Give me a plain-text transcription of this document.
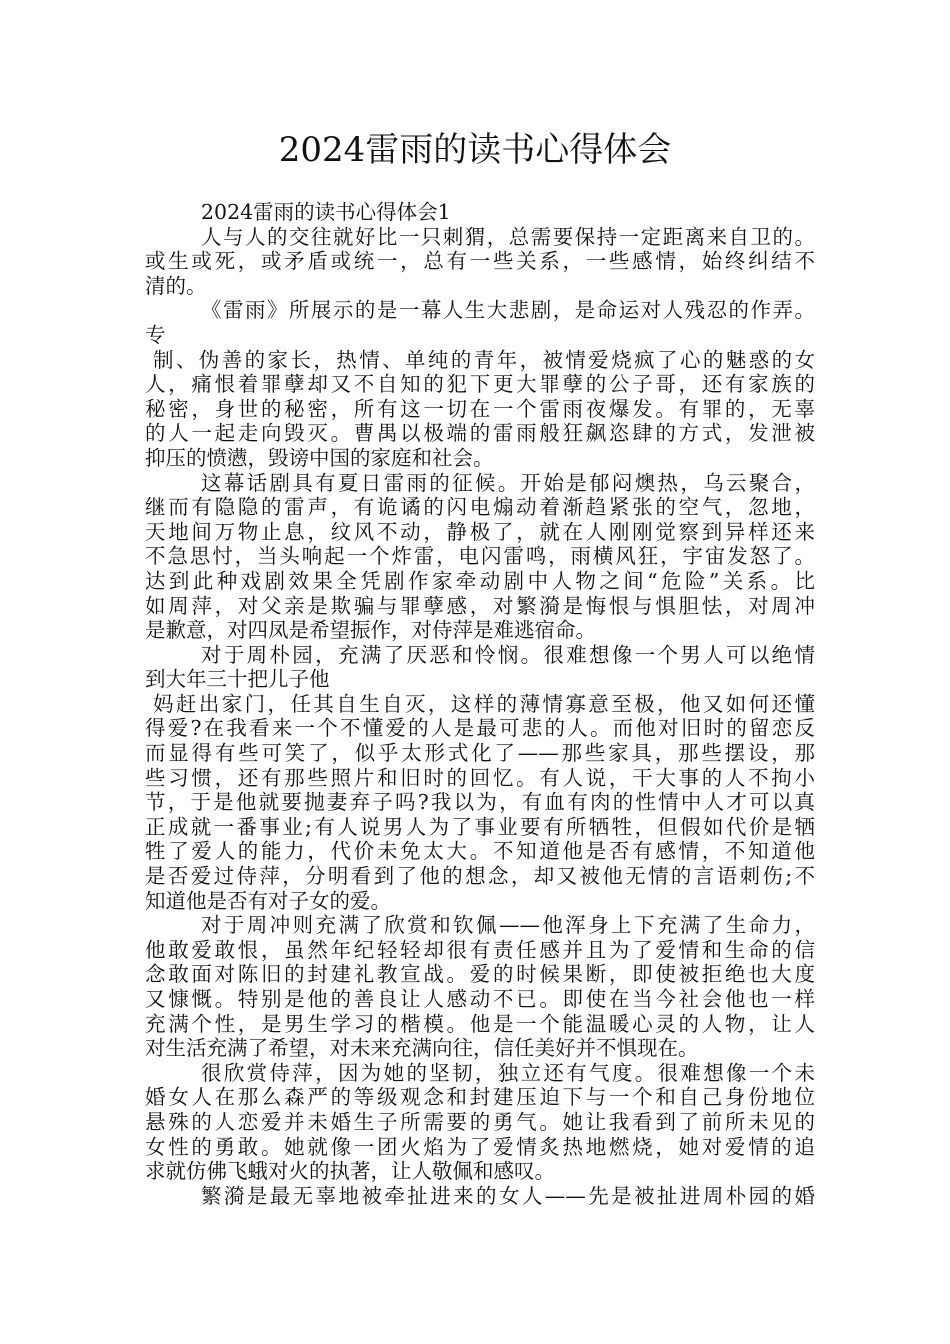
2024雷雨的读书心得体会
2024雷雨的读书心得体会1
人与人的交往就好比一只刺猬，总需要保持一定距离来自卫的。
或生或死，或矛盾或统一，总有一些关系，一些感情，始终纠结不
清的。
《雷雨》所展示的是一幕人生大悲剧，是命运对人残忍的作弄。
专
制、伪善的家长，热情、单纯的青年，被情爱烧疯了心的魅惑的女
人，痛恨着罪孽却又不自知的犯下更大罪孽的公子哥，还有家族的
秘密，身世的秘密，所有这一切在一个雷雨夜爆发。有罪的，无辜
的人一起走向毁灭。曹禺以极端的雷雨般狂飙恣肆的方式，发泄被
抑压的愤懑，毁谤中国的家庭和社会。
这幕话剧具有夏日雷雨的征候。开始是郁闷燠热，乌云聚合，
继而有隐隐的雷声，有诡谲的闪电煽动着渐趋紧张的空气，忽地，
天地间万物止息，纹风不动，静极了，就在人刚刚觉察到异样还来
不急思忖，当头响起一个炸雷，电闪雷鸣，雨横风狂，宇宙发怒了。
达到此种戏剧效果全凭剧作家牵动剧中人物之间“危险”关系。比
如周萍，对父亲是欺骗与罪孽感，对繁漪是悔恨与惧胆怯，对周冲
是歉意，对四凤是希望振作，对侍萍是难逃宿命。
对于周朴园，充满了厌恶和怜悯。很难想像一个男人可以绝情
到大年三十把儿子他
妈赶出家门，任其自生自灭，这样的薄情寡意至极，他又如何还懂
得爱?在我看来一个不懂爱的人是最可悲的人。而他对旧时的留恋反
而显得有些可笑了，似乎太形式化了——那些家具，那些摆设，那
些习惯，还有那些照片和旧时的回忆。有人说，干大事的人不拘小
节，于是他就要抛妻弃子吗?我以为，有血有肉的性情中人才可以真
正成就一番事业;有人说男人为了事业要有所牺牲，但假如代价是牺
牲了爱人的能力，代价未免太大。不知道他是否有感情，不知道他
是否爱过侍萍，分明看到了他的想念，却又被他无情的言语刺伤;不
知道他是否有对子女的爱。
对于周冲则充满了欣赏和钦佩——他浑身上下充满了生命力，
他敢爱敢恨，虽然年纪轻轻却很有责任感并且为了爱情和生命的信
念敢面对陈旧的封建礼教宣战。爱的时候果断，即使被拒绝也大度
又慷慨。特别是他的善良让人感动不已。即使在当今社会他也一样
充满个性，是男生学习的楷模。他是一个能温暖心灵的人物，让人
对生活充满了希望，对未来充满向往，信任美好并不惧现在。
很欣赏侍萍，因为她的坚韧，独立还有气度。很难想像一个未
婚女人在那么森严的等级观念和封建压迫下与一个和自己身份地位
悬殊的人恋爱并未婚生子所需要的勇气。她让我看到了前所未见的
女性的勇敢。她就像一团火焰为了爱情炙热地燃烧，她对爱情的追
求就仿佛飞蛾对火的执著，让人敬佩和感叹。
繁漪是最无辜地被牵扯进来的女人——先是被扯进周朴园的婚
